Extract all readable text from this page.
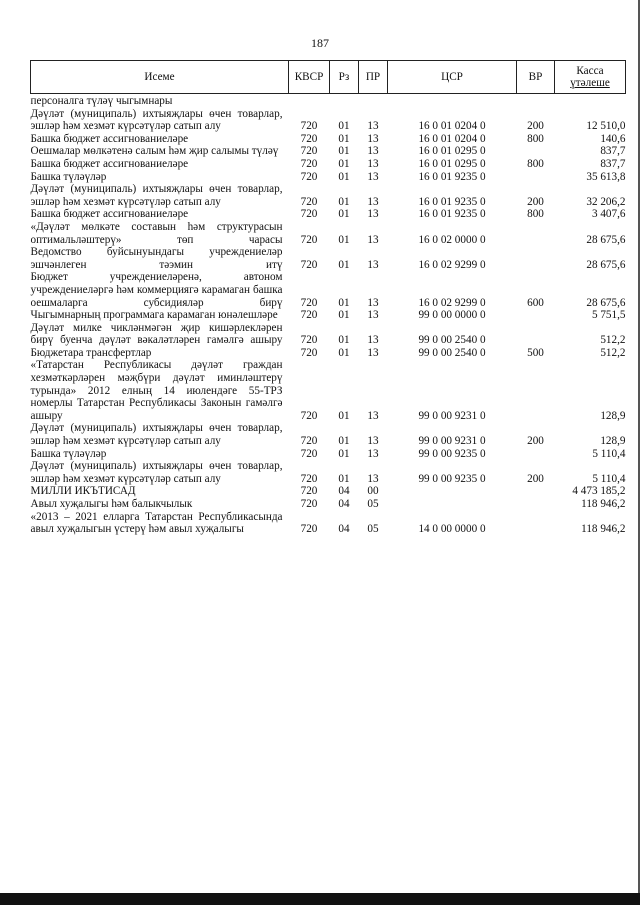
187
Исеме	КВСР	Рз	ПР	ЦСР	ВР	Касса
үтәлеше
персоналга түләү чыгымнары						
Дәүләт (муниципаль) ихтыяҗлары өчен товарлар, эшләр һәм хезмәт күрсәтүләр сатып алу	720	01	13	16 0 01 0204 0	200	12 510,0
Башка бюджет ассигнованиеләре	720	01	13	16 0 01 0204 0	800	140,6
Оешмалар мөлкәтенә салым һәм җир салымы түләү	720	01	13	16 0 01 0295 0		837,7
Башка бюджет ассигнованиеләре	720	01	13	16 0 01 0295 0	800	837,7
Башка түләүләр	720	01	13	16 0 01 9235 0		35 613,8
Дәүләт (муниципаль) ихтыяҗлары өчен товарлар, эшләр һәм хезмәт күрсәтүләр сатып алу	720	01	13	16 0 01 9235 0	200	32 206,2
Башка бюджет ассигнованиеләре	720	01	13	16 0 01 9235 0	800	3 407,6
«Дәүләт мөлкәте составын һәм структурасын оптимальләштерү» төп чарасы	720	01	13	16 0 02 0000 0		28 675,6
Ведомство буйсынуындагы учреждениеләр эшчәнлеген тәэмин итү	720	01	13	16 0 02 9299 0		28 675,6
Бюджет учреждениеләренә, автоном учреждениеләргә һәм коммерциягә карамаган башка оешмаларга субсидияләр бирү	720	01	13	16 0 02 9299 0	600	28 675,6
Чыгымнарның программага карамаган юнәлешләре	720	01	13	99 0 00 0000 0		5 751,5
Дәүләт милке чикләнмәгән җир кишәрлекләрен бирү буенча дәүләт вәкаләтләрен гамәлгә ашыру	720	01	13	99 0 00 2540 0		512,2
Бюджетара трансфертлар	720	01	13	99 0 00 2540 0	500	512,2
«Татарстан Республикасы дәүләт граждан хезмәткәрләрен мәҗбүри дәүләт иминләштерү турында» 2012 елның 14 июлендәге 55-ТРЗ номерлы Татарстан Республикасы Законын гамәлгә ашыру	720	01	13	99 0 00 9231 0		128,9
Дәүләт (муниципаль) ихтыяҗлары өчен товарлар, эшләр һәм хезмәт күрсәтүләр сатып алу	720	01	13	99 0 00 9231 0	200	128,9
Башка түләүләр	720	01	13	99 0 00 9235 0		5 110,4
Дәүләт (муниципаль) ихтыяҗлары өчен товарлар, эшләр һәм хезмәт күрсәтүләр сатып алу	720	01	13	99 0 00 9235 0	200	5 110,4
МИЛЛИ ИКЪТИСАД	720	04	00			4 473 185,2
Авыл хуҗалыгы һәм балыкчылык	720	04	05			118 946,2
«2013 – 2021 елларга Татарстан Республикасында авыл хуҗалыгын үстерү һәм авыл хуҗалыгы	720	04	05	14 0 00 0000 0		118 946,2
